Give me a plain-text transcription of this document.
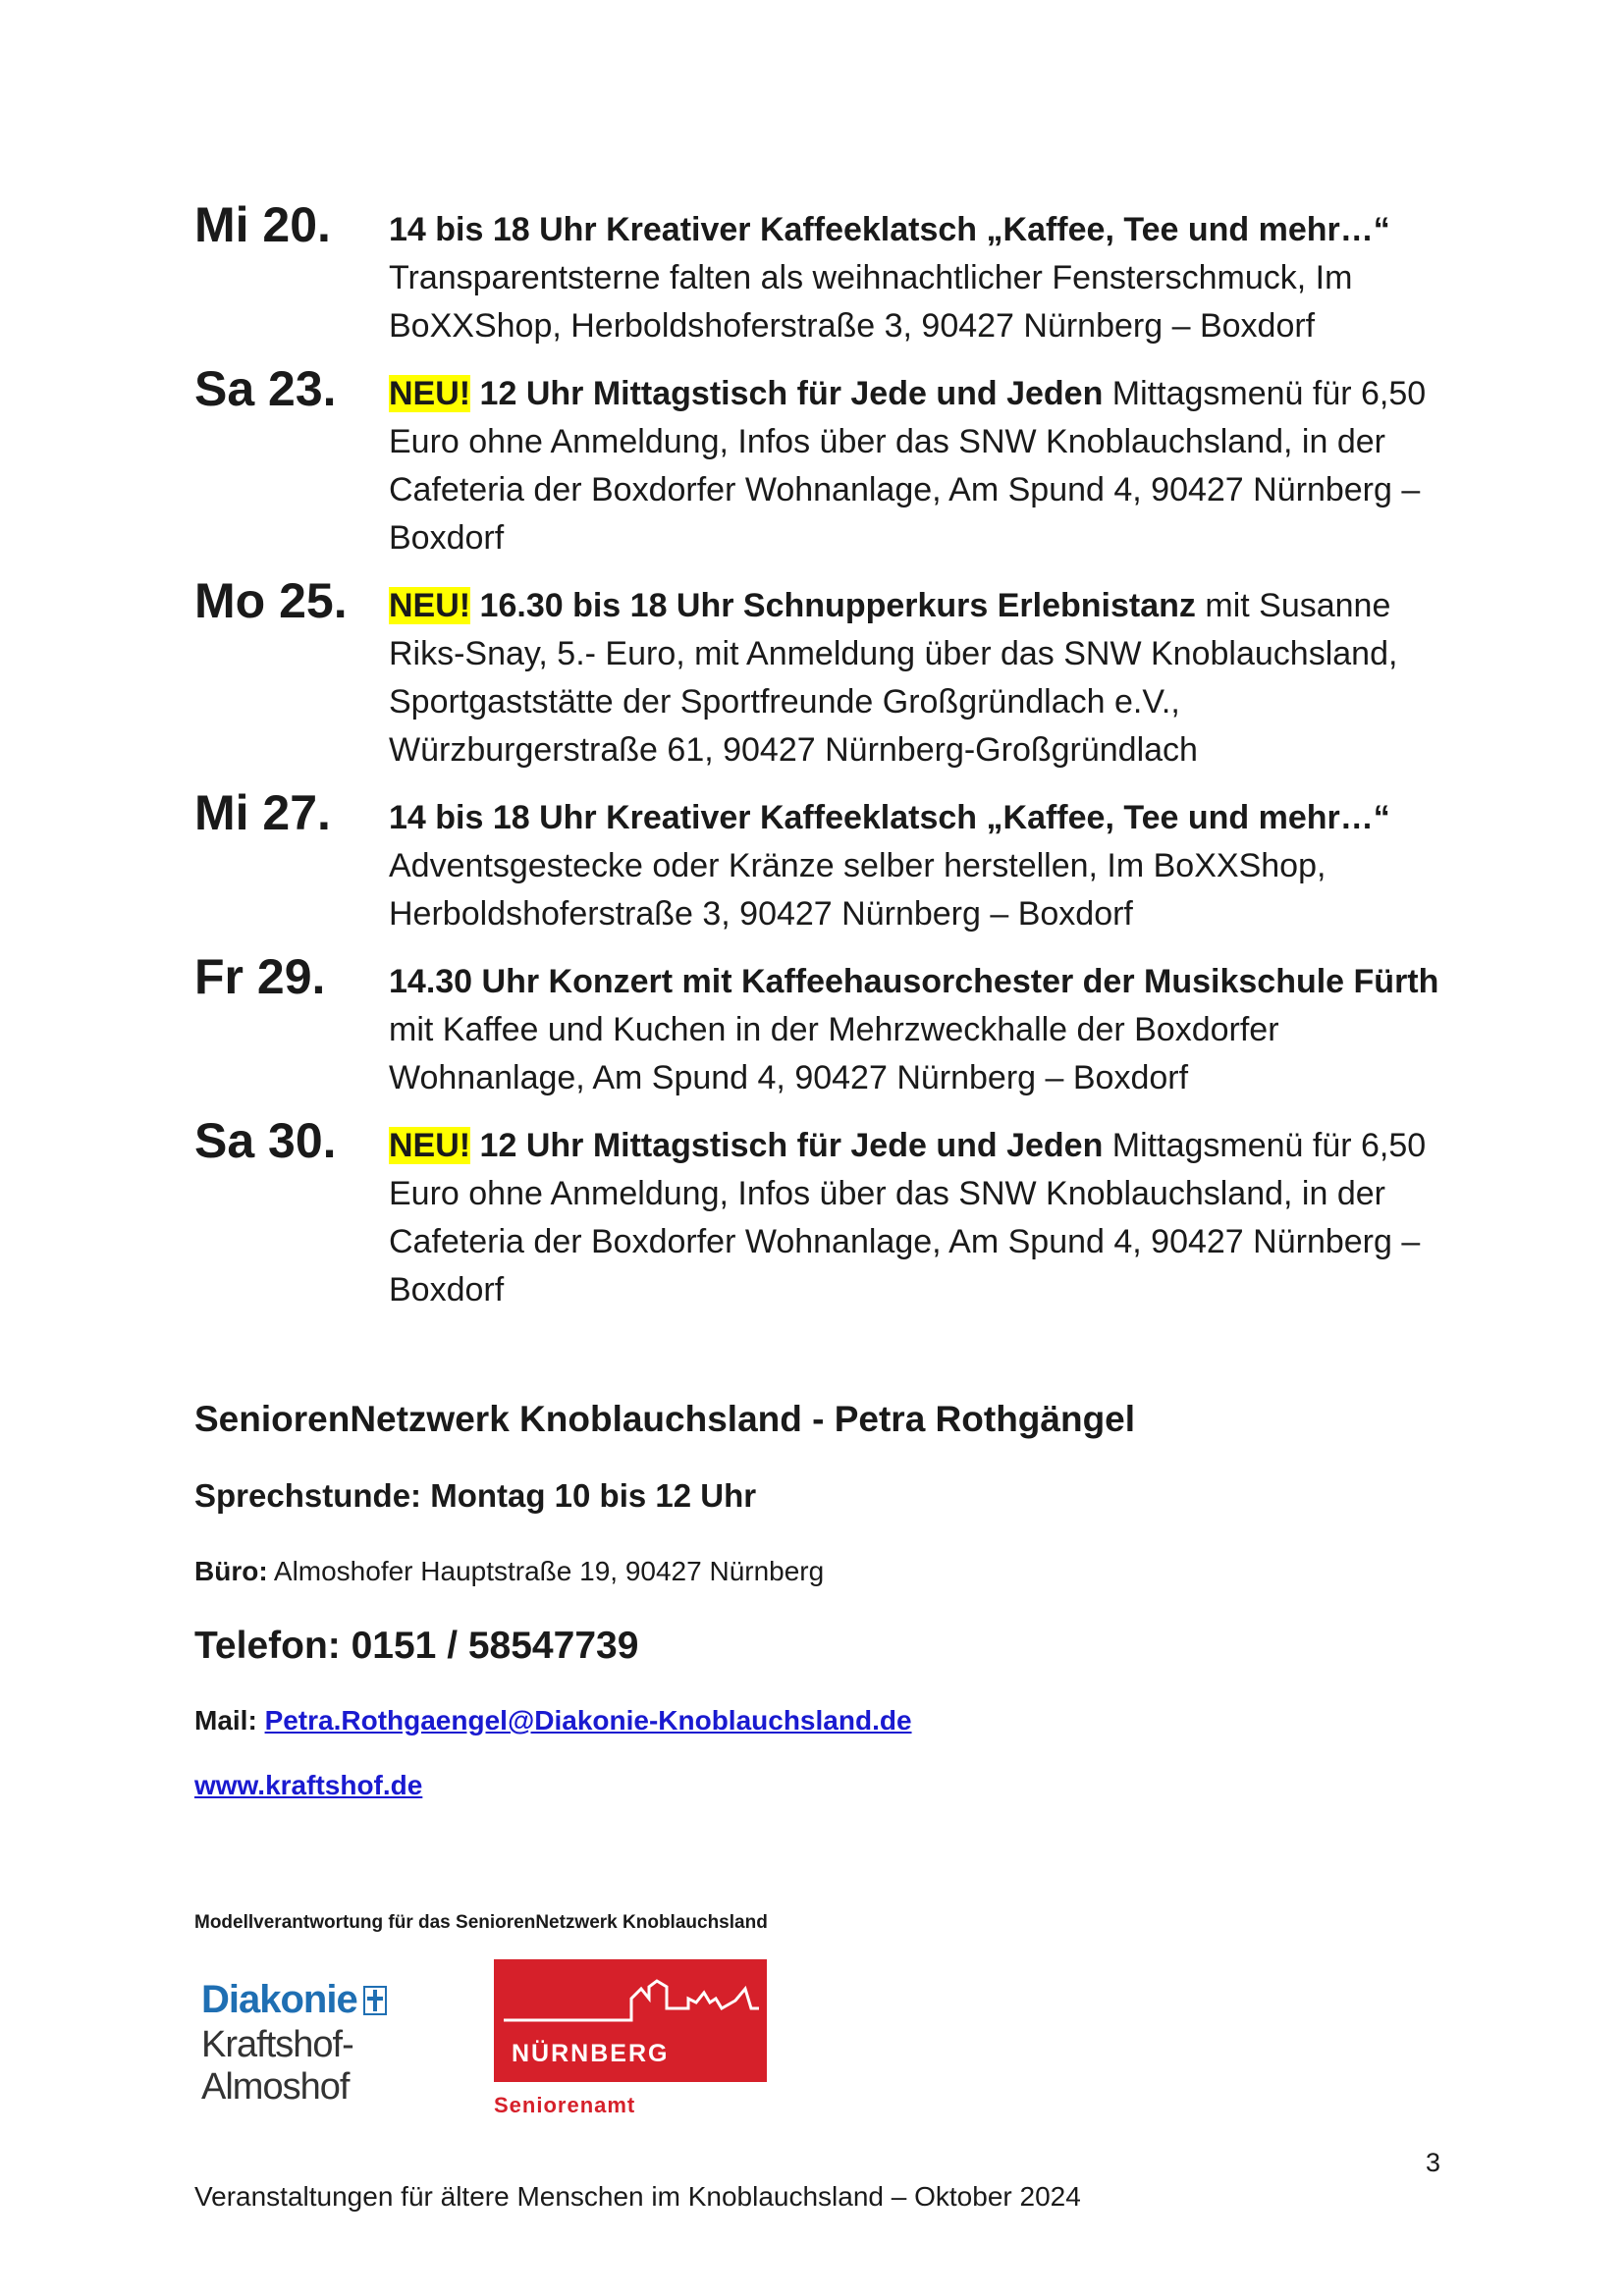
Mi 20.	14 bis 18 Uhr Kreativer Kaffeeklatsch „Kaffee, Tee und mehr…“ Transparentsterne falten als weihnachtlicher Fensterschmuck, Im BoXXShop, Herboldshoferstraße 3, 90427 Nürnberg – Boxdorf
Sa 23.	NEU! 12 Uhr Mittagstisch für Jede und Jeden Mittagsmenü für 6,50 Euro ohne Anmeldung, Infos über das SNW Knoblauchsland, in der Cafeteria der Boxdorfer Wohnanlage, Am Spund 4, 90427 Nürnberg – Boxdorf
Mo 25.	NEU! 16.30 bis 18 Uhr Schnupperkurs Erlebnistanz mit Susanne Riks-Snay, 5.- Euro, mit Anmeldung über das SNW Knoblauchsland, Sportgaststätte der Sportfreunde Großgründlach e.V., Würzburgerstraße 61, 90427 Nürnberg-Großgründlach
Mi 27.	14 bis 18 Uhr Kreativer Kaffeeklatsch „Kaffee, Tee und mehr…“ Adventsgestecke oder Kränze selber herstellen, Im BoXXShop, Herboldshoferstraße 3, 90427 Nürnberg – Boxdorf
Fr 29.	14.30 Uhr Konzert mit Kaffeehausorchester der Musikschule Fürth mit Kaffee und Kuchen in der Mehrzweckhalle der Boxdorfer Wohnanlage, Am Spund 4, 90427 Nürnberg – Boxdorf
Sa 30.	NEU! 12 Uhr Mittagstisch für Jede und Jeden Mittagsmenü für 6,50 Euro ohne Anmeldung, Infos über das SNW Knoblauchsland, in der Cafeteria der Boxdorfer Wohnanlage, Am Spund 4, 90427 Nürnberg – Boxdorf
SeniorenNetzwerk Knoblauchsland - Petra Rothgängel
Sprechstunde: Montag 10 bis 12 Uhr
Büro: Almoshofer Hauptstraße 19, 90427 Nürnberg
Telefon: 0151 / 58547739
Mail: Petra.Rothgaengel@Diakonie-Knoblauchsland.de
www.kraftshof.de
Modellverantwortung für das SeniorenNetzwerk Knoblauchsland
Diakonie
Kraftshof-Almoshof
NÜRNBERG
Seniorenamt
3
Veranstaltungen für ältere Menschen im Knoblauchsland – Oktober 2024
